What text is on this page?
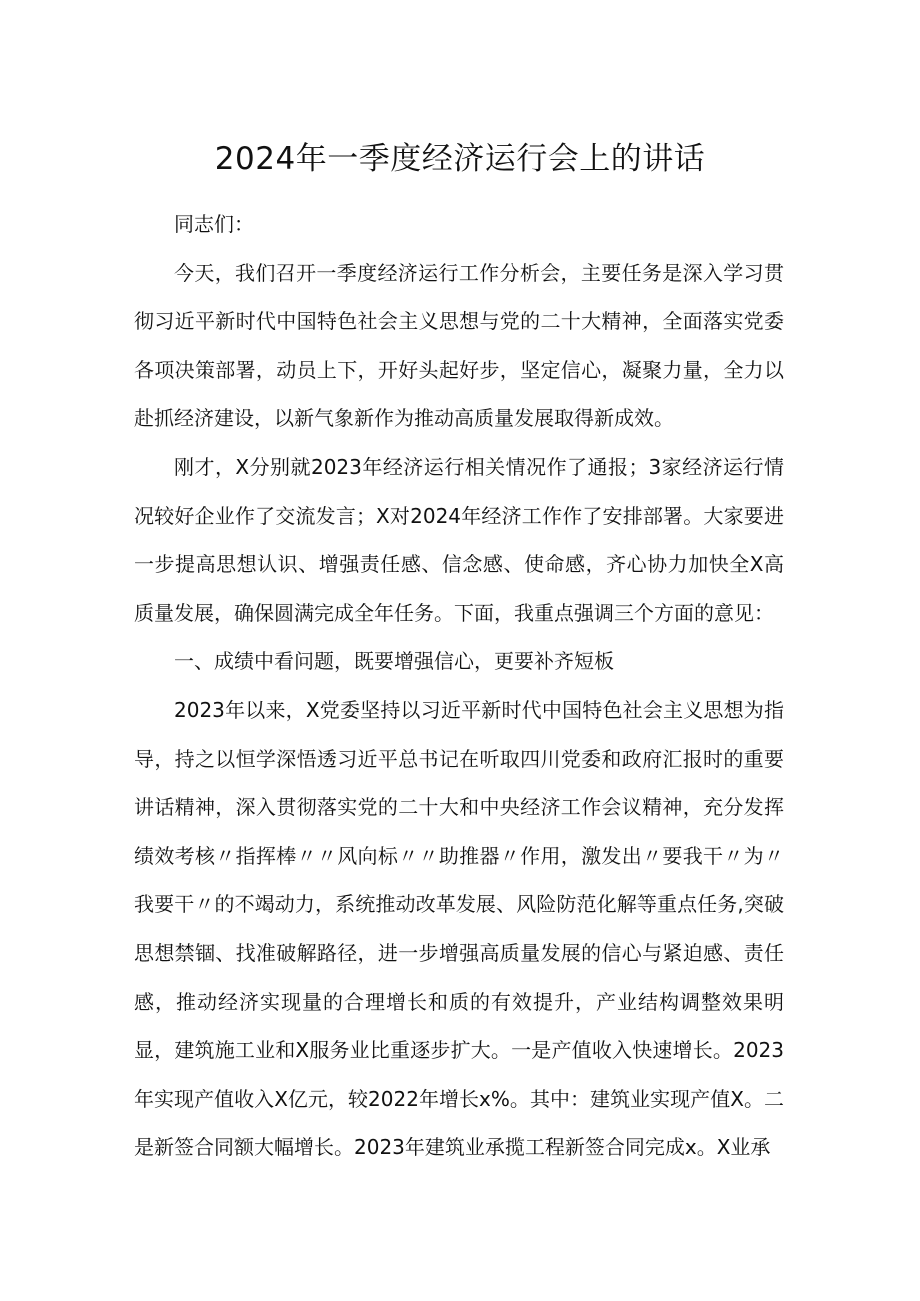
2024年一季度经济运行会上的讲话

同志们：

今天，我们召开一季度经济运行工作分析会，主要任务是深入学习贯彻习近平新时代中国特色社会主义思想与党的二十大精神，全面落实党委各项决策部署，动员上下，开好头起好步，坚定信心，凝聚力量，全力以赴抓经济建设，以新气象新作为推动高质量发展取得新成效。

刚才，X分别就2023年经济运行相关情况作了通报；3家经济运行情况较好企业作了交流发言；X对2024年经济工作作了安排部署。大家要进一步提高思想认识、增强责任感、信念感、使命感，齐心协力加快全X高质量发展，确保圆满完成全年任务。下面，我重点强调三个方面的意见：

一、成绩中看问题，既要增强信心，更要补齐短板

2023年以来，X党委坚持以习近平新时代中国特色社会主义思想为指导，持之以恒学深悟透习近平总书记在听取四川党委和政府汇报时的重要讲话精神，深入贯彻落实党的二十大和中央经济工作会议精神，充分发挥绩效考核〃指挥棒〃〃风向标〃〃助推器〃作用，激发出〃要我干〃为〃我要干〃的不竭动力，系统推动改革发展、风险防范化解等重点任务,突破思想禁锢、找准破解路径，进一步增强高质量发展的信心与紧迫感、责任感，推动经济实现量的合理增长和质的有效提升，产业结构调整效果明显，建筑施工业和X服务业比重逐步扩大。一是产值收入快速增长。2023年实现产值收入X亿元，较2022年增长x%。其中：建筑业实现产值X。二是新签合同额大幅增长。2023年建筑业承揽工程新签合同完成x。X业承
